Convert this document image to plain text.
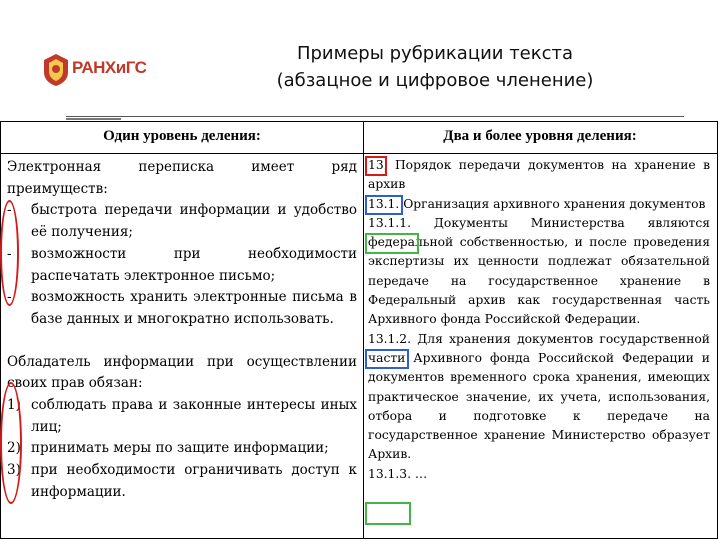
РАНХиГС
Примеры рубрикации текста
(абзацное и цифровое членение)
Один уровень деления:	Два и более уровня деления:

Электронная переписка имеет ряд преимуществ:

- быстрота передачи информации и удобство её получения;

- возможности при необходимости распечатать электронное письмо;

- возможность хранить электронные письма в базе данных и многократно использовать.

Обладатель информации при осуществлении своих прав обязан:

1) соблюдать права и законные интересы иных лиц;

2) принимать меры по защите информации;

3) при необходимости ограничивать доступ к информации.

13. Порядок передачи документов на хранение в архив

13.1. Организация архивного хранения документов

13.1.1. Документы Министерства являются федеральной собственностью, и после проведения экспертизы их ценности подлежат обязательной передаче на государственное хранение в Федеральный архив как государственная часть Архивного фонда Российской Федерации.

13.1.2. Для хранения документов государственной части Архивного фонда Российской Федерации и документов временного срока хранения, имеющих практическое значение, их учета, использования, отбора и подготовке к передаче на государственное хранение Министерство образует Архив.

13.1.3. …
